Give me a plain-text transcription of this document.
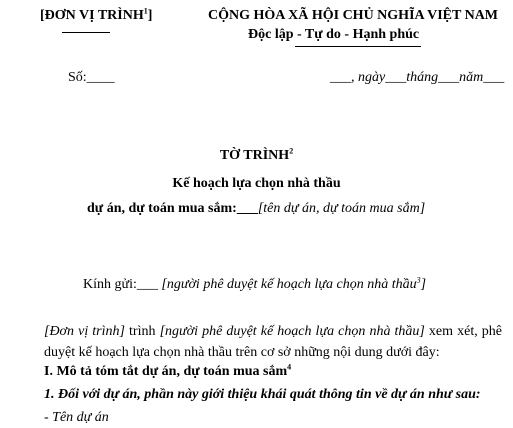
[ĐƠN VỊ TRÌNH$^1$]	CỘNG HÒA XÃ HỘI CHỦ NGHĨA VIỆT NAM
Độc lập - Tự do - Hạnh phúc
Số:____	___, ngày___tháng___năm___
TỜ TRÌNH$^2$
Kế hoạch lựa chọn nhà thầu
dự án, dự toán mua sắm:___[tên dự án, dự toán mua sắm]
Kính gửi:___ [người phê duyệt kế hoạch lựa chọn nhà thầu$^3$]
[Đơn vị trình] trình [người phê duyệt kế hoạch lựa chọn nhà thầu] xem xét, phê duyệt kế hoạch lựa chọn nhà thầu trên cơ sở những nội dung dưới đây:
I. Mô tả tóm tắt dự án, dự toán mua sắm$^4$
1. Đối với dự án, phần này giới thiệu khái quát thông tin về dự án như sau:
- Tên dự án
